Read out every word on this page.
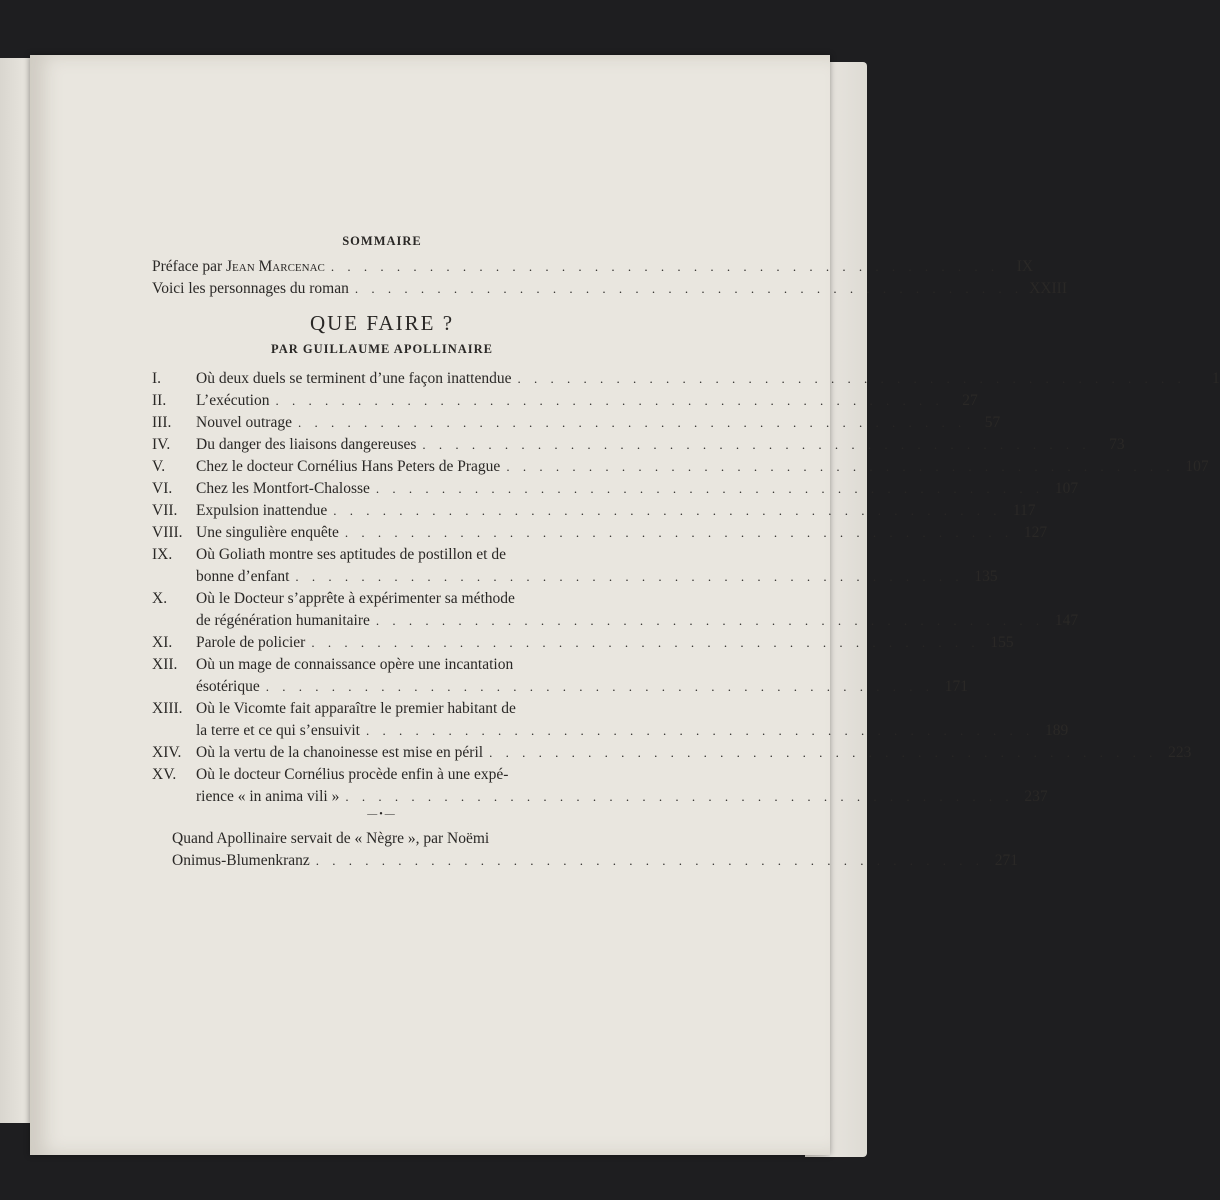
SOMMAIRE
Préface par Jean Marcenac . . . . . . . . . . . . . . . . . . . . . . . . . . . . . . . . . . . . . . . . .	IX
Voici les personnages du roman . . . . . . . . . . . . . . . . . . . . . . . . . . . . . . . . . . . . . . . . . XXIII
QUE FAIRE ?
PAR GUILLAUME APOLLINAIRE
I.	Où deux duels se terminent d’une façon inattendue . . . . . . . . . . . . . . . . . . . . . . . . . . . . . . . . . . . . . . . . .	1
II.	L’exécution . . . . . . . . . . . . . . . . . . . . . . . . . . . . . . . . . . . . . . . . .	27
III.	Nouvel outrage . . . . . . . . . . . . . . . . . . . . . . . . . . . . . . . . . . . . . . . . .	57
IV.	Du danger des liaisons dangereuses . . . . . . . . . . . . . . . . . . . . . . . . . . . . . . . . . . . . . . . . .	73
V.	Chez le docteur Cornélius Hans Peters de Prague . . . . . . . . . . . . . . . . . . . . . . . . . . . . . . . . . . . . . . . . . 107
VI.	Chez les Montfort-Chalosse . . . . . . . . . . . . . . . . . . . . . . . . . . . . . . . . . . . . . . . . . 107
VII.	Expulsion inattendue . . . . . . . . . . . . . . . . . . . . . . . . . . . . . . . . . . . . . . . . . 117
VIII. Une singulière enquête . . . . . . . . . . . . . . . . . . . . . . . . . . . . . . . . . . . . . . . . . 127
IX.	Où Goliath montre ses aptitudes de postillon et de
bonne d’enfant . . . . . . . . . . . . . . . . . . . . . . . . . . . . . . . . . . . . . . . . . 135
X.	Où le Docteur s’apprête à expérimenter sa méthode
de régénération humanitaire . . . . . . . . . . . . . . . . . . . . . . . . . . . . . . . . . . . . . . . . . 147
XI.	Parole de policier . . . . . . . . . . . . . . . . . . . . . . . . . . . . . . . . . . . . . . . . . 155
XII.	Où un mage de connaissance opère une incantation
ésotérique . . . . . . . . . . . . . . . . . . . . . . . . . . . . . . . . . . . . . . . . . 171
XIII. Où le Vicomte fait apparaître le premier habitant de
la terre et ce qui s’ensuivit . . . . . . . . . . . . . . . . . . . . . . . . . . . . . . . . . . . . . . . . . 189
XIV. Où la vertu de la chanoinesse est mise en péril . . . . . . . . . . . . . . . . . . . . . . . . . . . . . . . . . . . . . . . . . 223
XV.	Où le docteur Cornélius procède enfin à une expé-
rience « in anima vili » . . . . . . . . . . . . . . . . . . . . . . . . . . . . . . . . . . . . . . . . . 237
—•—
Quand Apollinaire servait de « Nègre », par Noëmi
Onimus-Blumenkranz . . . . . . . . . . . . . . . . . . . . . . . . . . . . . . . . . . . . . . . . . 271
